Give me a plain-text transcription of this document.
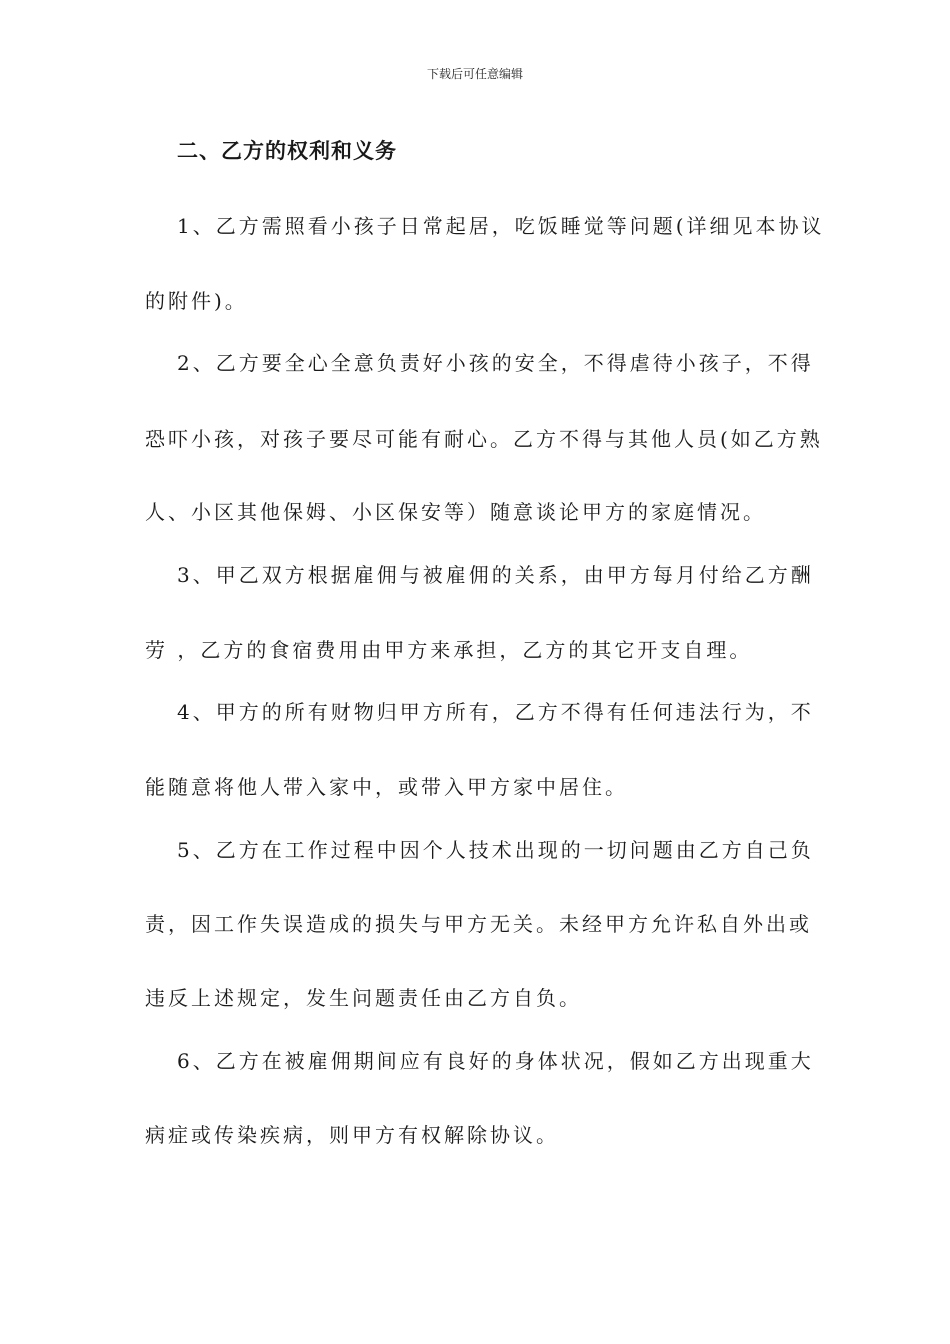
下载后可任意编辑
二、乙方的权利和义务
1、乙方需照看小孩子日常起居，吃饭睡觉等问题(详细见本协议
的附件)。
2、乙方要全心全意负责好小孩的安全，不得虐待小孩子，不得
恐吓小孩，对孩子要尽可能有耐心。乙方不得与其他人员(如乙方熟
人、小区其他保姆、小区保安等）随意谈论甲方的家庭情况。
3、甲乙双方根据雇佣与被雇佣的关系，由甲方每月付给乙方酬
劳 ，乙方的食宿费用由甲方来承担，乙方的其它开支自理。
4、甲方的所有财物归甲方所有，乙方不得有任何违法行为，不
能随意将他人带入家中，或带入甲方家中居住。
5、乙方在工作过程中因个人技术出现的一切问题由乙方自己负
责，因工作失误造成的损失与甲方无关。未经甲方允许私自外出或
违反上述规定，发生问题责任由乙方自负。
6、乙方在被雇佣期间应有良好的身体状况，假如乙方出现重大
病症或传染疾病，则甲方有权解除协议。
